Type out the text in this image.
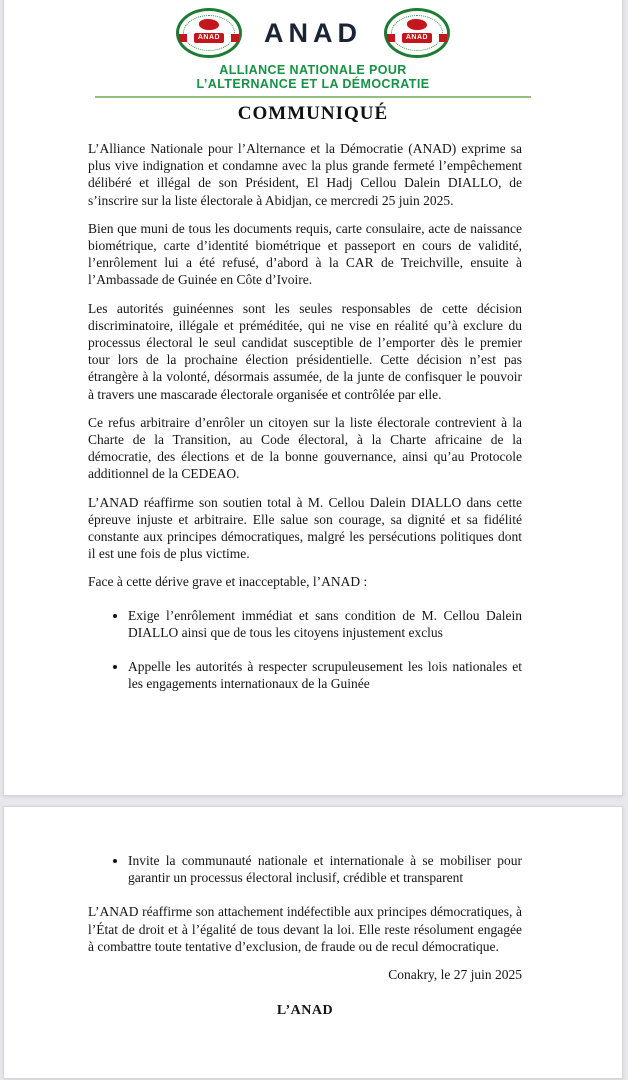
ANAD ANAD	ANAD
ALLIANCE NATIONALE POUR
L’ALTERNANCE ET LA DÉMOCRATIE
COMMUNIQUÉ

L’Alliance Nationale pour l’Alternance et la Démocratie (ANAD) exprime sa plus vive indignation et condamne avec la plus grande fermeté l’empêchement délibéré et illégal de son Président, El Hadj Cellou Dalein DIALLO, de s’inscrire sur la liste électorale à Abidjan, ce mercredi 25 juin 2025.

Bien que muni de tous les documents requis, carte consulaire, acte de naissance biométrique, carte d’identité biométrique et passeport en cours de validité, l’enrôlement lui a été refusé, d’abord à la CAR de Treichville, ensuite à l’Ambassade de Guinée en Côte d’Ivoire.

Les autorités guinéennes sont les seules responsables de cette décision discriminatoire, illégale et préméditée, qui ne vise en réalité qu’à exclure du processus électoral le seul candidat susceptible de l’emporter dès le premier tour lors de la prochaine élection présidentielle. Cette décision n’est pas étrangère à la volonté, désormais assumée, de la junte de confisquer le pouvoir à travers une mascarade électorale organisée et contrôlée par elle.

Ce refus arbitraire d’enrôler un citoyen sur la liste électorale contrevient à la Charte de la Transition, au Code électoral, à la Charte africaine de la démocratie, des élections et de la bonne gouvernance, ainsi qu’au Protocole additionnel de la CEDEAO.

L’ANAD réaffirme son soutien total à M. Cellou Dalein DIALLO dans cette épreuve injuste et arbitraire. Elle salue son courage, sa dignité et sa fidélité constante aux principes démocratiques, malgré les persécutions politiques dont il est une fois de plus victime.

Face à cette dérive grave et inacceptable, l’ANAD :

• Exige l’enrôlement immédiat et sans condition de M. Cellou Dalein DIALLO ainsi que de tous les citoyens injustement exclus
• Appelle les autorités à respecter scrupuleusement les lois nationales et les engagements internationaux de la Guinée
• Invite la communauté nationale et internationale à se mobiliser pour garantir un processus électoral inclusif, crédible et transparent

L’ANAD réaffirme son attachement indéfectible aux principes démocratiques, à l’État de droit et à l’égalité de tous devant la loi. Elle reste résolument engagée à combattre toute tentative d’exclusion, de fraude ou de recul démocratique.

Conakry, le 27 juin 2025

L’ANAD
